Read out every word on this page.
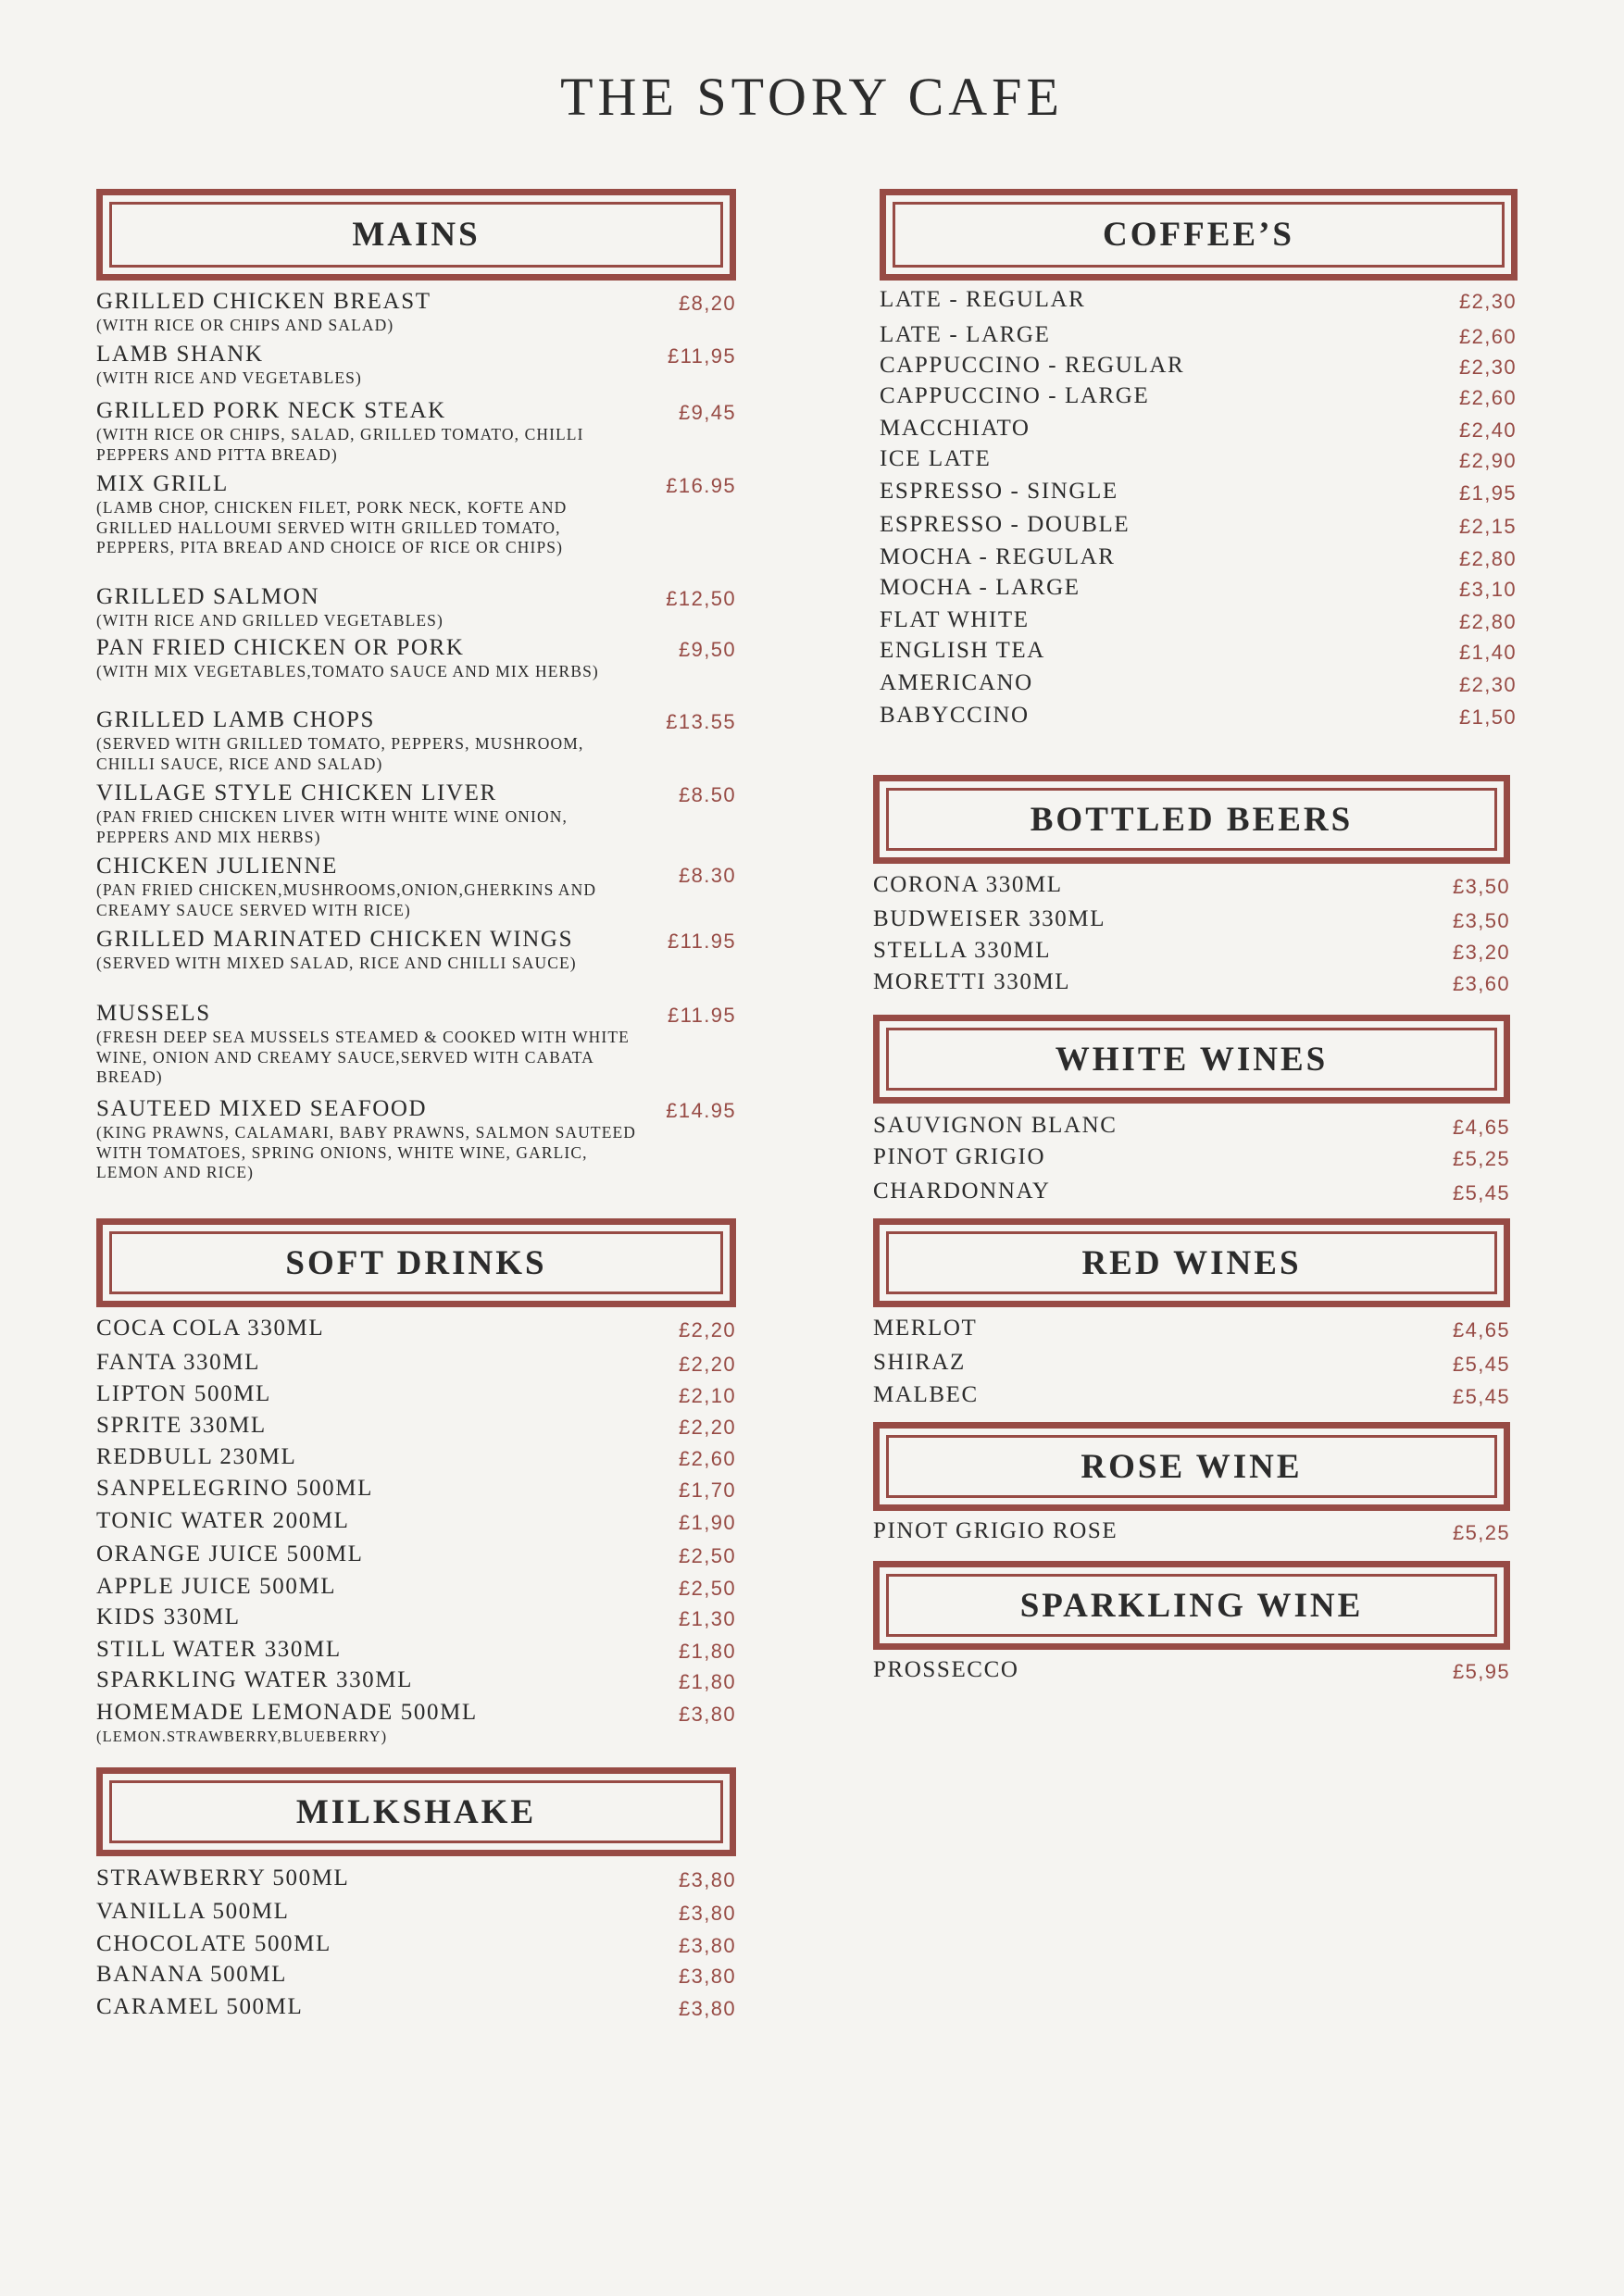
THE STORY CAFE
MAINS
GRILLED CHICKEN BREAST
(WITH RICE OR CHIPS AND SALAD)
£8,20
LAMB SHANK
(WITH RICE AND VEGETABLES)
£11,95
GRILLED PORK NECK STEAK
(WITH RICE OR CHIPS, SALAD, GRILLED TOMATO, CHILLI PEPPERS AND PITTA BREAD)
£9,45
MIX GRILL
(LAMB CHOP, CHICKEN FILET, PORK NECK, KOFTE AND GRILLED HALLOUMI SERVED WITH GRILLED TOMATO, PEPPERS, PITA BREAD AND CHOICE OF RICE OR CHIPS)
£16.95
GRILLED SALMON
(WITH RICE AND GRILLED VEGETABLES)
£12,50
PAN FRIED CHICKEN OR PORK
(WITH MIX VEGETABLES,TOMATO SAUCE AND MIX HERBS)
£9,50
GRILLED LAMB CHOPS
(SERVED WITH GRILLED TOMATO, PEPPERS, MUSHROOM, CHILLI SAUCE, RICE AND SALAD)
£13.55
VILLAGE STYLE CHICKEN LIVER
(PAN FRIED CHICKEN LIVER WITH WHITE WINE ONION, PEPPERS AND MIX HERBS)
£8.50
CHICKEN JULIENNE
(PAN FRIED CHICKEN,MUSHROOMS,ONION,GHERKINS AND CREAMY SAUCE SERVED WITH RICE)
£8.30
GRILLED MARINATED CHICKEN WINGS
(SERVED WITH MIXED SALAD, RICE AND CHILLI SAUCE)
£11.95
MUSSELS
(FRESH DEEP SEA MUSSELS STEAMED & COOKED WITH WHITE WINE, ONION AND CREAMY SAUCE,SERVED WITH CABATA BREAD)
£11.95
SAUTEED MIXED SEAFOOD
(KING PRAWNS, CALAMARI, BABY PRAWNS, SALMON SAUTEED WITH TOMATOES, SPRING ONIONS, WHITE WINE, GARLIC, LEMON AND RICE)
£14.95
SOFT DRINKS
COCA COLA 330ML	£2,20
FANTA 330ML	£2,20
LIPTON 500ML	£2,10
SPRITE 330ML	£2,20
REDBULL 230ML	£2,60
SANPELEGRINO 500ML	£1,70
TONIC WATER 200ML	£1,90
ORANGE JUICE 500ML	£2,50
APPLE JUICE 500ML	£2,50
KIDS 330ML	£1,30
STILL WATER 330ML	£1,80
SPARKLING WATER 330ML	£1,80
HOMEMADE LEMONADE 500ML
(LEMON.STRAWBERRY,BLUEBERRY)
£3,80
MILKSHAKE
STRAWBERRY 500ML	£3,80
VANILLA 500ML	£3,80
CHOCOLATE 500ML	£3,80
BANANA 500ML	£3,80
CARAMEL 500ML	£3,80
COFFEE’S
LATE - REGULAR	£2,30
LATE - LARGE	£2,60
CAPPUCCINO - REGULAR	£2,30
CAPPUCCINO - LARGE	£2,60
MACCHIATO	£2,40
ICE LATE	£2,90
ESPRESSO - SINGLE	£1,95
ESPRESSO - DOUBLE	£2,15
MOCHA - REGULAR	£2,80
MOCHA - LARGE	£3,10
FLAT WHITE	£2,80
ENGLISH TEA	£1,40
AMERICANO	£2,30
BABYCCINO	£1,50
BOTTLED BEERS
CORONA 330ML	£3,50
BUDWEISER 330ML	£3,50
STELLA 330ML	£3,20
MORETTI 330ML	£3,60
WHITE WINES
SAUVIGNON BLANC	£4,65
PINOT GRIGIO	£5,25
CHARDONNAY	£5,45
RED WINES
MERLOT	£4,65
SHIRAZ	£5,45
MALBEC	£5,45
ROSE WINE
PINOT GRIGIO ROSE	£5,25
SPARKLING WINE
PROSSECCO	£5,95
